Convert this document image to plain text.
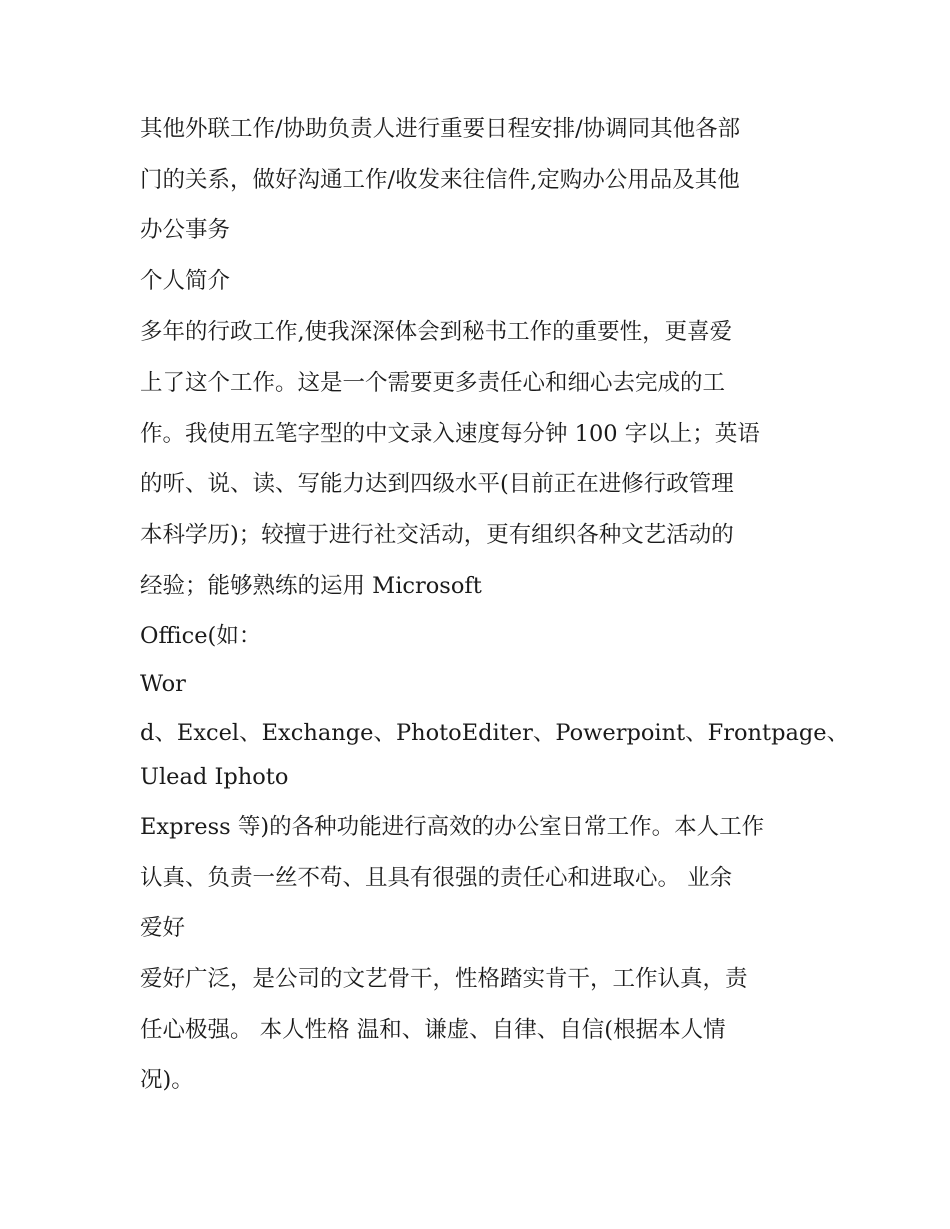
其他外联工作/协助负责人进行重要日程安排/协调同其他各部
门的关系，做好沟通工作/收发来往信件,定购办公用品及其他
办公事务
个人简介
多年的行政工作,使我深深体会到秘书工作的重要性，更喜爱
上了这个工作。这是一个需要更多责任心和细心去完成的工
作。我使用五笔字型的中文录入速度每分钟 100 字以上；英语
的听、说、读、写能力达到四级水平(目前正在进修行政管理
本科学历)；较擅于进行社交活动，更有组织各种文艺活动的
经验；能够熟练的运用 Microsoft
Office(如：
Wor
d、Excel、Exchange、PhotoEditer、Powerpoint、Frontpage、
Ulead Iphoto
Express 等)的各种功能进行高效的办公室日常工作。本人工作
认真、负责一丝不苟、且具有很强的责任心和进取心。 业余
爱好
爱好广泛，是公司的文艺骨干，性格踏实肯干，工作认真，责
任心极强。 本人性格 温和、谦虚、自律、自信(根据本人情
况)。
